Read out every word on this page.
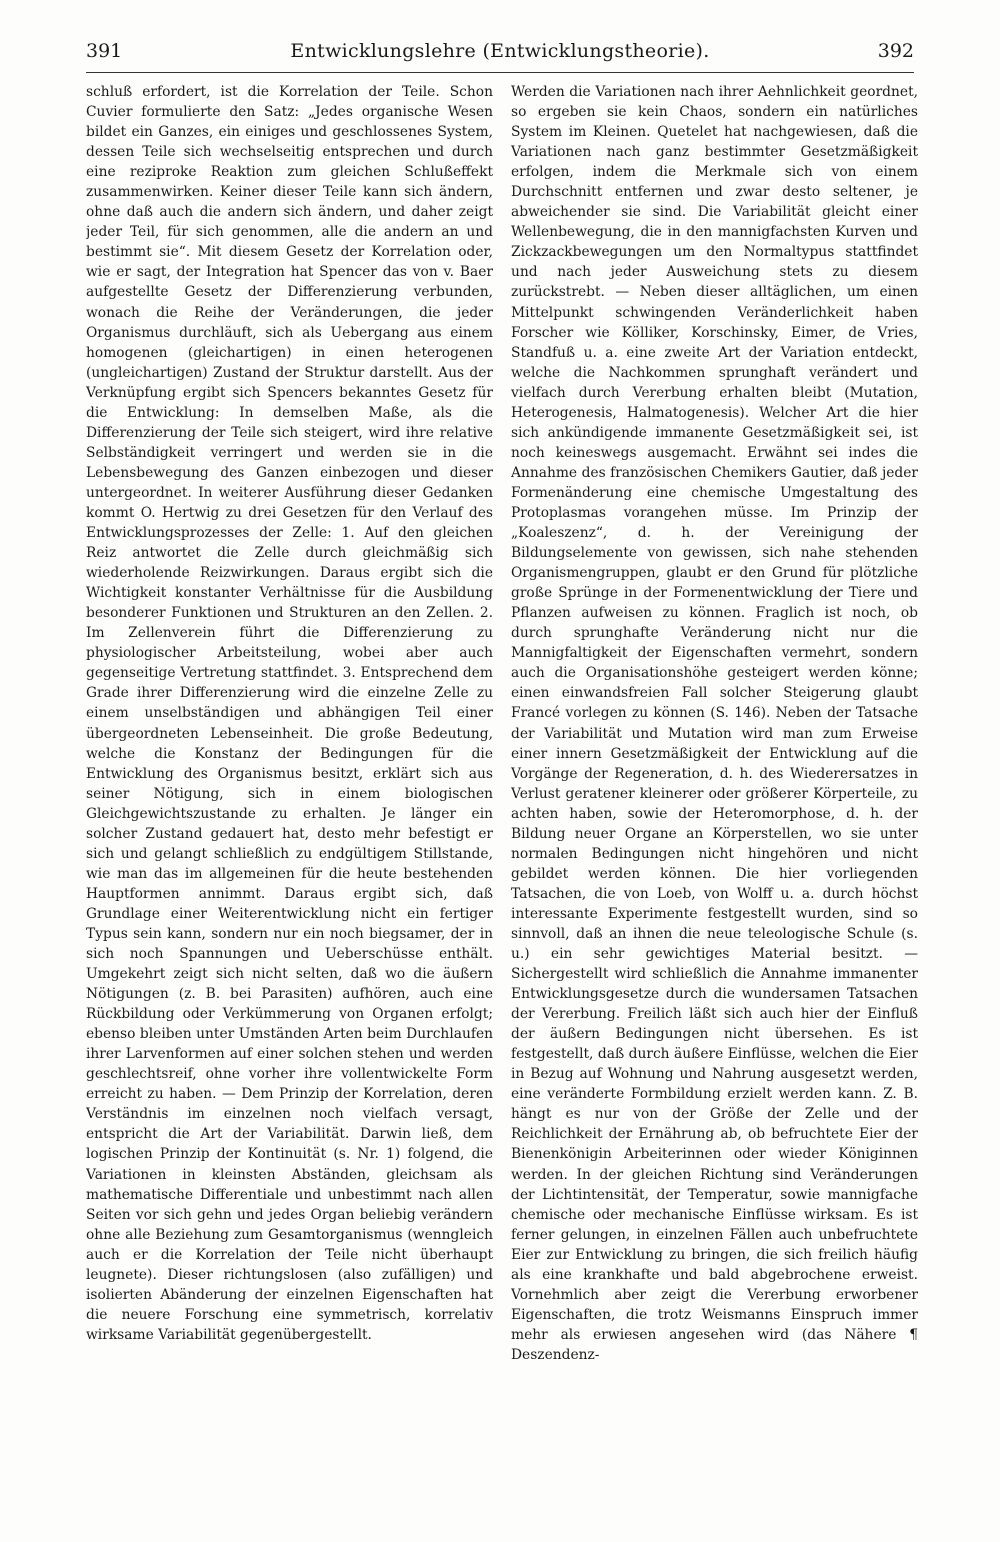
391	Entwicklungslehre (Entwicklungstheorie).	392

schluß erfordert, ist die Korrelation der Teile. Schon Cuvier formulierte den Satz: „Jedes organische Wesen bildet ein Ganzes, ein einiges und geschlossenes System, dessen Teile sich wechselseitig entsprechen und durch eine reziproke Reaktion zum gleichen Schlußeffekt zusammenwirken. Keiner dieser Teile kann sich ändern, ohne daß auch die andern sich ändern, und daher zeigt jeder Teil, für sich genommen, alle die andern an und bestimmt sie“. Mit diesem Gesetz der Korrelation oder, wie er sagt, der Integration hat Spencer das von v. Baer aufgestellte Gesetz der Differenzierung verbunden, wonach die Reihe der Veränderungen, die jeder Organismus durchläuft, sich als Uebergang aus einem homogenen (gleichartigen) in einen heterogenen (ungleichartigen) Zustand der Struktur darstellt. Aus der Verknüpfung ergibt sich Spencers bekanntes Gesetz für die Entwicklung: In demselben Maße, als die Differenzierung der Teile sich steigert, wird ihre relative Selbständigkeit verringert und werden sie in die Lebensbewegung des Ganzen einbezogen und dieser untergeordnet. In weiterer Ausführung dieser Gedanken kommt O. Hertwig zu drei Gesetzen für den Verlauf des Entwicklungsprozesses der Zelle: 1. Auf den gleichen Reiz antwortet die Zelle durch gleichmäßig sich wiederholende Reizwirkungen. Daraus ergibt sich die Wichtigkeit konstanter Verhältnisse für die Ausbildung besonderer Funktionen und Strukturen an den Zellen. 2. Im Zellenverein führt die Differenzierung zu physiologischer Arbeitsteilung, wobei aber auch gegenseitige Vertretung stattfindet. 3. Entsprechend dem Grade ihrer Differenzierung wird die einzelne Zelle zu einem unselbständigen und abhängigen Teil einer übergeordneten Lebenseinheit. Die große Bedeutung, welche die Konstanz der Bedingungen für die Entwicklung des Organismus besitzt, erklärt sich aus seiner Nötigung, sich in einem biologischen Gleichgewichtszustande zu erhalten. Je länger ein solcher Zustand gedauert hat, desto mehr befestigt er sich und gelangt schließlich zu endgültigem Stillstande, wie man das im allgemeinen für die heute bestehenden Hauptformen annimmt. Daraus ergibt sich, daß Grundlage einer Weiterentwicklung nicht ein fertiger Typus sein kann, sondern nur ein noch biegsamer, der in sich noch Spannungen und Ueberschüsse enthält. Umgekehrt zeigt sich nicht selten, daß wo die äußern Nötigungen (z. B. bei Parasiten) aufhören, auch eine Rückbildung oder Verkümmerung von Organen erfolgt; ebenso bleiben unter Umständen Arten beim Durchlaufen ihrer Larvenformen auf einer solchen stehen und werden geschlechtsreif, ohne vorher ihre vollentwickelte Form erreicht zu haben. — Dem Prinzip der Korrelation, deren Verständnis im einzelnen noch vielfach versagt, entspricht die Art der Variabilität. Darwin ließ, dem logischen Prinzip der Kontinuität (s. Nr. 1) folgend, die Variationen in kleinsten Abständen, gleichsam als mathematische Differentiale und unbestimmt nach allen Seiten vor sich gehn und jedes Organ beliebig verändern ohne alle Beziehung zum Gesamtorganismus (wenngleich auch er die Korrelation der Teile nicht überhaupt leugnete). Dieser richtungslosen (also zufälligen) und isolierten Abänderung der einzelnen Eigenschaften hat die neuere Forschung eine symmetrisch, korrelativ wirksame Variabilität gegenübergestellt.

Werden die Variationen nach ihrer Aehnlichkeit geordnet, so ergeben sie kein Chaos, sondern ein natürliches System im Kleinen. Quetelet hat nachgewiesen, daß die Variationen nach ganz bestimmter Gesetzmäßigkeit erfolgen, indem die Merkmale sich von einem Durchschnitt entfernen und zwar desto seltener, je abweichender sie sind. Die Variabilität gleicht einer Wellenbewegung, die in den mannigfachsten Kurven und Zickzackbewegungen um den Normaltypus stattfindet und nach jeder Ausweichung stets zu diesem zurückstrebt. — Neben dieser alltäglichen, um einen Mittelpunkt schwingenden Veränderlichkeit haben Forscher wie Kölliker, Korschinsky, Eimer, de Vries, Standfuß u. a. eine zweite Art der Variation entdeckt, welche die Nachkommen sprunghaft verändert und vielfach durch Vererbung erhalten bleibt (Mutation, Heterogenesis, Halmatogenesis). Welcher Art die hier sich ankündigende immanente Gesetzmäßigkeit sei, ist noch keineswegs ausgemacht. Erwähnt sei indes die Annahme des französischen Chemikers Gautier, daß jeder Formenänderung eine chemische Umgestaltung des Protoplasmas vorangehen müsse. Im Prinzip der „Koaleszenz“, d. h. der Vereinigung der Bildungselemente von gewissen, sich nahe stehenden Organismengruppen, glaubt er den Grund für plötzliche große Sprünge in der Formenentwicklung der Tiere und Pflanzen aufweisen zu können. Fraglich ist noch, ob durch sprunghafte Veränderung nicht nur die Mannigfaltigkeit der Eigenschaften vermehrt, sondern auch die Organisationshöhe gesteigert werden könne; einen einwandsfreien Fall solcher Steigerung glaubt Francé vorlegen zu können (S. 146). Neben der Tatsache der Variabilität und Mutation wird man zum Erweise einer innern Gesetzmäßigkeit der Entwicklung auf die Vorgänge der Regeneration, d. h. des Wiederersatzes in Verlust geratener kleinerer oder größerer Körperteile, zu achten haben, sowie der Heteromorphose, d. h. der Bildung neuer Organe an Körperstellen, wo sie unter normalen Bedingungen nicht hingehören und nicht gebildet werden können. Die hier vorliegenden Tatsachen, die von Loeb, von Wolff u. a. durch höchst interessante Experimente festgestellt wurden, sind so sinnvoll, daß an ihnen die neue teleologische Schule (s. u.) ein sehr gewichtiges Material besitzt. — Sichergestellt wird schließlich die Annahme immanenter Entwicklungsgesetze durch die wundersamen Tatsachen der Vererbung. Freilich läßt sich auch hier der Einfluß der äußern Bedingungen nicht übersehen. Es ist festgestellt, daß durch äußere Einflüsse, welchen die Eier in Bezug auf Wohnung und Nahrung ausgesetzt werden, eine veränderte Formbildung erzielt werden kann. Z. B. hängt es nur von der Größe der Zelle und der Reichlichkeit der Ernährung ab, ob befruchtete Eier der Bienenkönigin Arbeiterinnen oder wieder Königinnen werden. In der gleichen Richtung sind Veränderungen der Lichtintensität, der Temperatur, sowie mannigfache chemische oder mechanische Einflüsse wirksam. Es ist ferner gelungen, in einzelnen Fällen auch unbefruchtete Eier zur Entwicklung zu bringen, die sich freilich häufig als eine krankhafte und bald abgebrochene erweist. Vornehmlich aber zeigt die Vererbung erworbener Eigenschaften, die trotz Weismanns Einspruch immer mehr als erwiesen angesehen wird (das Nähere ¶ Deszendenz-
